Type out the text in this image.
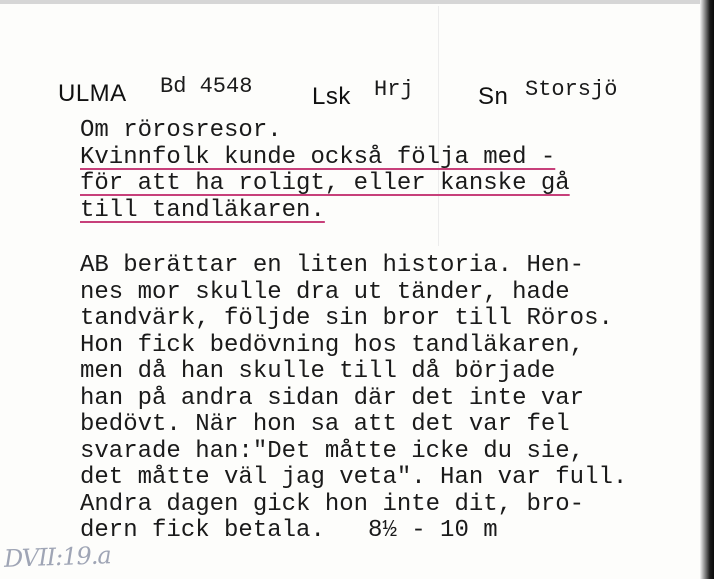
ULMA Bd 4548 Lsk Hrj	Sn Storsjö
Om rörosresor.
Kvinnfolk kunde också följa med -
för att ha roligt, eller kanske gå
till tandläkaren.
AB berättar en liten historia. Hen-
nes mor skulle dra ut tänder, hade
tandvärk, följde sin bror till Röros.
Hon fick bedövning hos tandläkaren,
men då han skulle till då började
han på andra sidan där det inte var
bedövt. När hon sa att det var fel
svarade han:"Det måtte icke du sie,
det måtte väl jag veta". Han var full.
Andra dagen gick hon inte dit, bro-
dern fick betala.   8½ - 10 m
DVII:19.a
